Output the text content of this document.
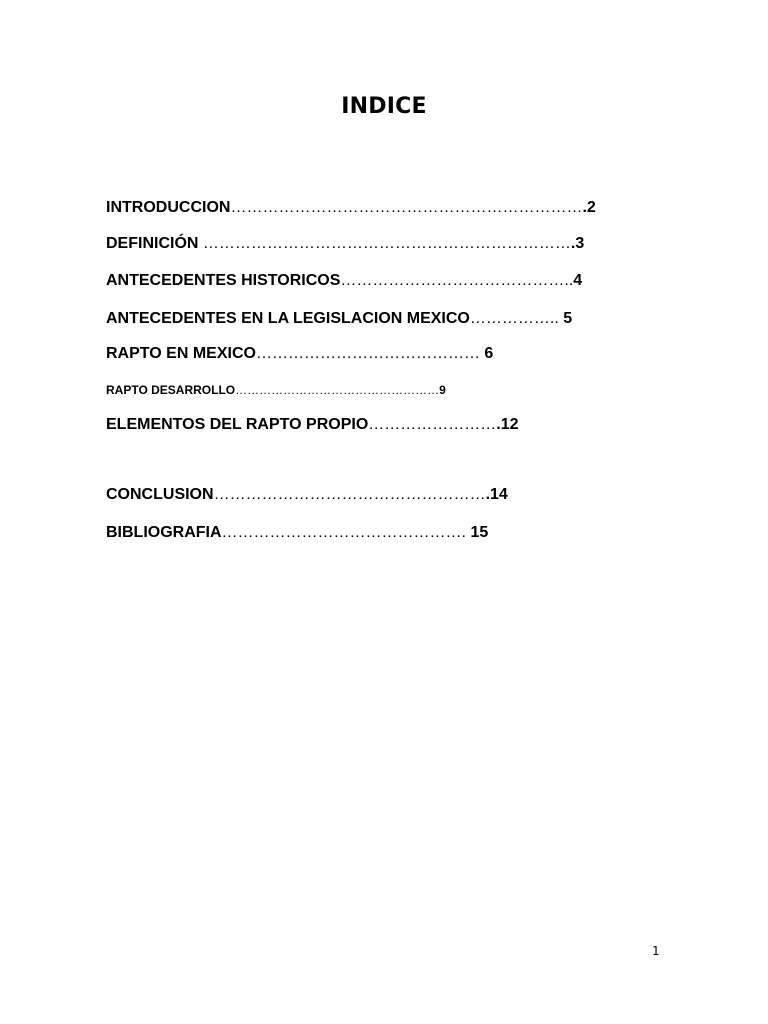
INDICE
INTRODUCCION………………………………………………………….2
DEFINICIÓN …………………………………………………………….3
ANTECEDENTES HISTORICOS……………………………………..4
ANTECEDENTES EN LA LEGISLACION MEXICO…………….. 5
RAPTO EN MEXICO…………………………………… 6
RAPTO DESARROLLO……………………………………………9
ELEMENTOS DEL RAPTO PROPIO…………………….12
CONCLUSION…………………………………………….14
BIBLIOGRAFIA………………………………………. 15
1
